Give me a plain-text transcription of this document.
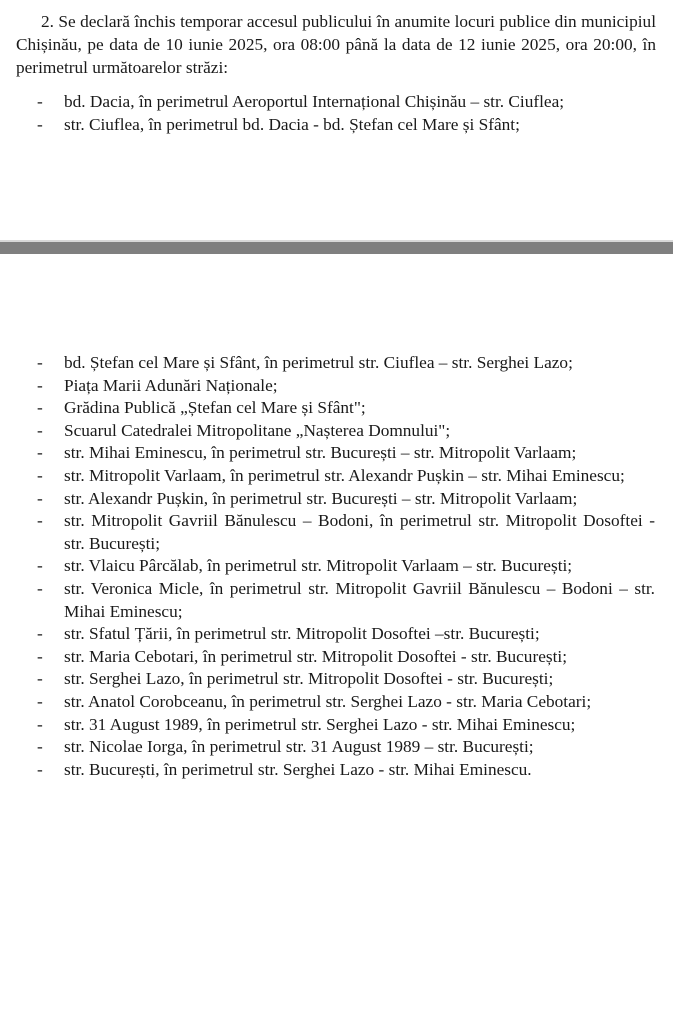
2. Se declară închis temporar accesul publicului în anumite locuri publice din municipiul Chișinău, pe data de 10 iunie 2025, ora 08:00 până la data de 12 iunie 2025, ora 20:00, în perimetrul următoarelor străzi:

- bd. Dacia, în perimetrul Aeroportul Internațional Chișinău – str. Ciuflea;
- str. Ciuflea, în perimetrul bd. Dacia - bd. Ștefan cel Mare și Sfânt;
- bd. Ștefan cel Mare și Sfânt, în perimetrul str. Ciuflea – str. Serghei Lazo;
- Piața Marii Adunări Naționale;
- Grădina Publică „Ștefan cel Mare și Sfânt";
- Scuarul Catedralei Mitropolitane „Nașterea Domnului";
- str. Mihai Eminescu, în perimetrul str. București – str. Mitropolit Varlaam;
- str. Mitropolit Varlaam, în perimetrul str. Alexandr Pușkin – str. Mihai Eminescu;
- str. Alexandr Pușkin, în perimetrul str. București – str. Mitropolit Varlaam;
- str. Mitropolit Gavriil Bănulescu – Bodoni, în perimetrul str. Mitropolit Dosoftei - str. București;
- str. Vlaicu Pârcălab, în perimetrul str. Mitropolit Varlaam – str. București;
- str. Veronica Micle, în perimetrul str. Mitropolit Gavriil Bănulescu – Bodoni – str. Mihai Eminescu;
- str. Sfatul Țării, în perimetrul str. Mitropolit Dosoftei –str. București;
- str. Maria Cebotari, în perimetrul str. Mitropolit Dosoftei - str. București;
- str. Serghei Lazo, în perimetrul str. Mitropolit Dosoftei - str. București;
- str. Anatol Corobceanu, în perimetrul str. Serghei Lazo - str. Maria Cebotari;
- str. 31 August 1989, în perimetrul str. Serghei Lazo - str. Mihai Eminescu;
- str. Nicolae Iorga, în perimetrul str. 31 August 1989 – str. București;
- str. București, în perimetrul str. Serghei Lazo - str. Mihai Eminescu.
